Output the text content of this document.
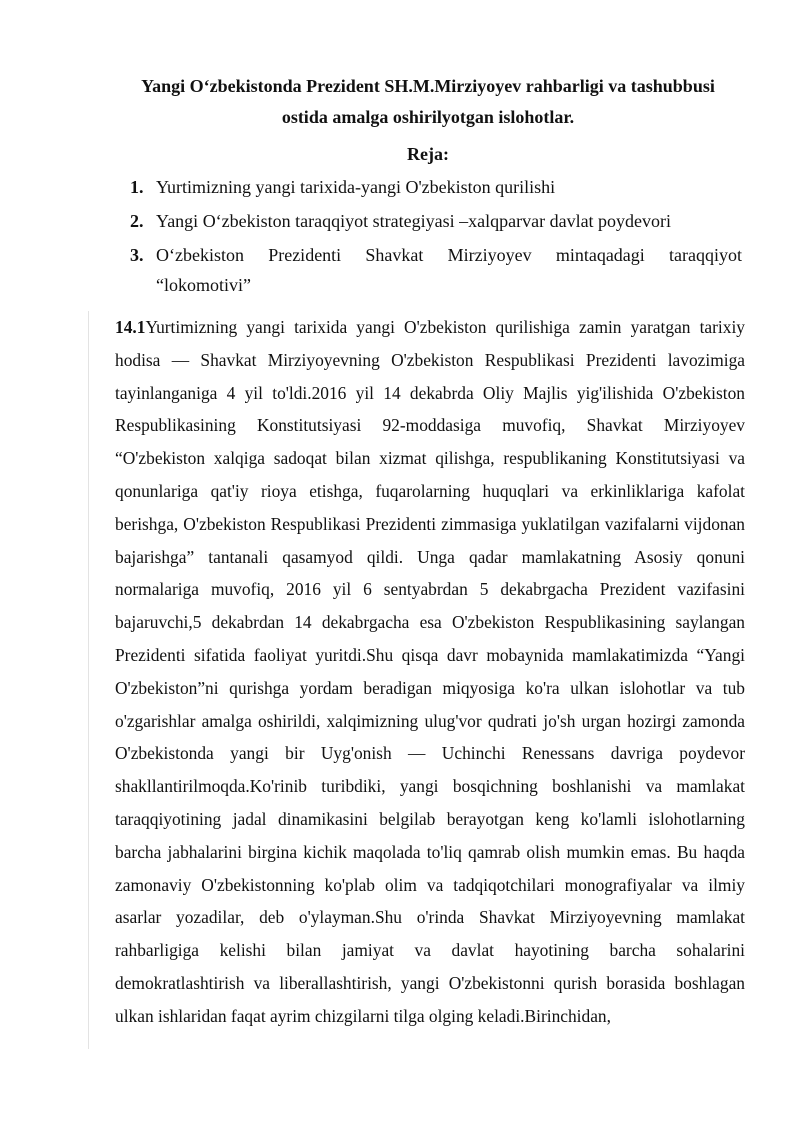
Yangi O‘zbekistonda Prezident SH.M.Mirziyoyev rahbarligi va tashubbusi
ostida amalga oshirilyotgan islohotlar.
Reja:
1. Yurtimizning yangi tarixida-yangi O'zbekiston qurilishi
2. Yangi O‘zbekiston taraqqiyot strategiyasi –xalqparvar davlat poydevori
3. O‘zbekiston Prezidenti Shavkat Mirziyoyev mintaqadagi taraqqiyot “lokomotivi”

14.1Yurtimizning yangi tarixida yangi O'zbekiston qurilishiga zamin yaratgan tarixiy hodisa — Shavkat Mirziyoyevning O'zbekiston Respublikasi Prezidenti lavozimiga tayinlanganiga 4 yil to'ldi.2016 yil 14 dekabrda Oliy Majlis yig'ilishida O'zbekiston Respublikasining Konstitutsiyasi 92-moddasiga muvofiq, Shavkat Mirziyoyev “O'zbekiston xalqiga sadoqat bilan xizmat qilishga, respublikaning Konstitutsiyasi va qonunlariga qat'iy rioya etishga, fuqarolarning huquqlari va erkinliklariga kafolat berishga, O'zbekiston Respublikasi Prezidenti zimmasiga yuklatilgan vazifalarni vijdonan bajarishga” tantanali qasamyod qildi. Unga qadar mamlakatning Asosiy qonuni normalariga muvofiq, 2016 yil 6 sentyabrdan 5 dekabrgacha Prezident vazifasini bajaruvchi,5 dekabrdan 14 dekabrgacha esa O'zbekiston Respublikasining saylangan Prezidenti sifatida faoliyat yuritdi.Shu qisqa davr mobaynida mamlakatimizda “Yangi O'zbekiston”ni qurishga yordam beradigan miqyosiga ko'ra ulkan islohotlar va tub o'zgarishlar amalga oshirildi, xalqimizning ulug'vor qudrati jo'sh urgan hozirgi zamonda O'zbekistonda yangi bir Uyg'onish — Uchinchi Renessans davriga poydevor shakllantirilmoqda.Ko'rinib turibdiki, yangi bosqichning boshlanishi va mamlakat taraqqiyotining jadal dinamikasini belgilab berayotgan keng ko'lamli islohotlarning barcha jabhalarini birgina kichik maqolada to'liq qamrab olish mumkin emas. Bu haqda zamonaviy O'zbekistonning ko'plab olim va tadqiqotchilari monografiyalar va ilmiy asarlar yozadilar, deb o'ylayman.Shu o'rinda Shavkat Mirziyoyevning mamlakat rahbarligiga kelishi bilan jamiyat va davlat hayotining barcha sohalarini demokratlashtirish va liberallashtirish, yangi O'zbekistonni qurish borasida boshlagan ulkan ishlaridan faqat ayrim chizgilarni tilga olging keladi.Birinchidan,
